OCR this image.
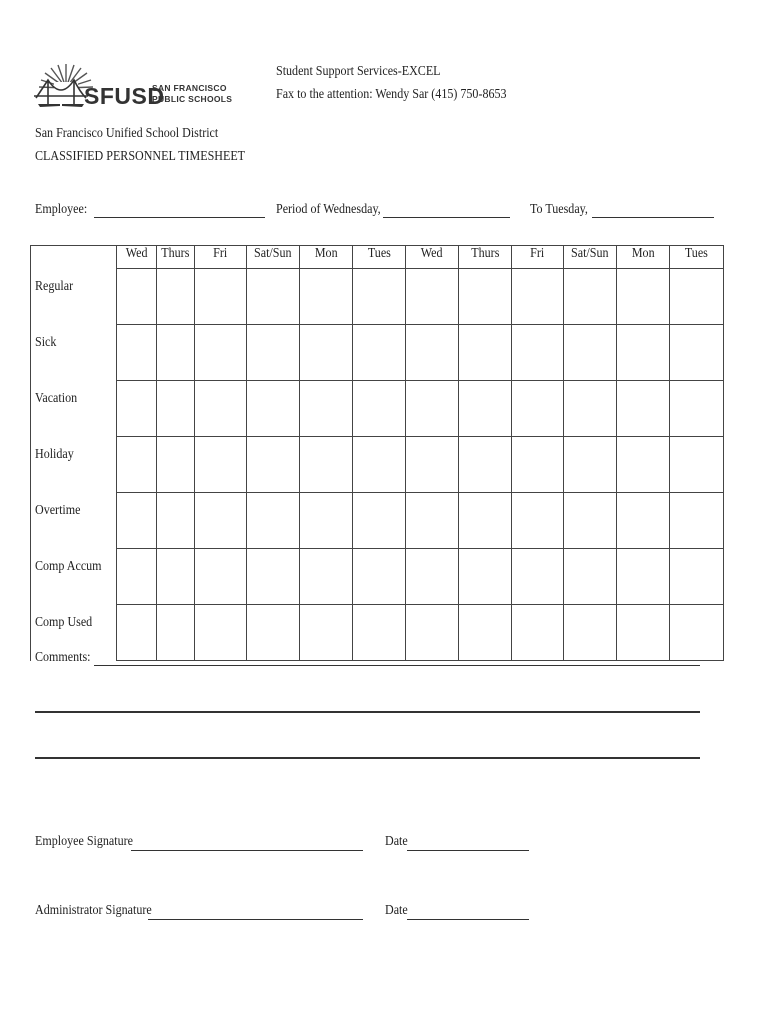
SFUSD
SAN FRANCISCO
PUBLIC SCHOOLS
Student Support Services-EXCEL
Fax to the attention: Wendy Sar (415) 750-8653
San Francisco Unified School District
CLASSIFIED PERSONNEL TIMESHEET
Employee:	Period of Wednesday,	To Tuesday,
	Wed	Thurs	Fri	Sat/Sun	Mon	Tues	Wed	Thurs	Fri	Sat/Sun	Mon	Tues
Regular												
Sick												
Vacation												
Holiday												
Overtime												
Comp Accum												
Comp Used												
Comments:
Employee Signature	Date
Administrator Signature	Date
